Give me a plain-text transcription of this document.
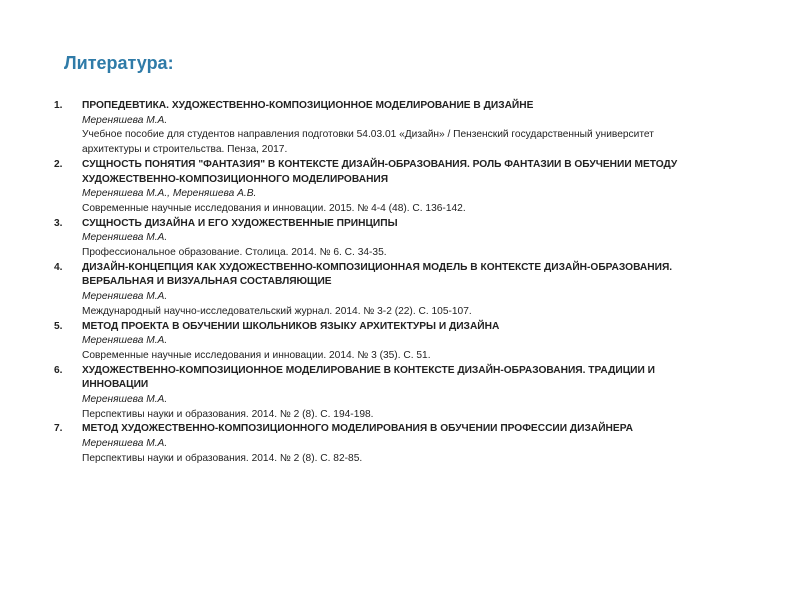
Литература:
1. ПРОПЕДЕВТИКА. ХУДОЖЕСТВЕННО-КОМПОЗИЦИОННОЕ МОДЕЛИРОВАНИЕ В ДИЗАЙНЕ
Мереняшева М.А.
Учебное пособие для студентов направления подготовки 54.03.01 «Дизайн» / Пензенский государственный университет архитектуры и строительства. Пенза, 2017.
2. СУЩНОСТЬ ПОНЯТИЯ "ФАНТАЗИЯ" В КОНТЕКСТЕ ДИЗАЙН-ОБРАЗОВАНИЯ. РОЛЬ ФАНТАЗИИ В ОБУЧЕНИИ МЕТОДУ ХУДОЖЕСТВЕННО-КОМПОЗИЦИОННОГО МОДЕЛИРОВАНИЯ
Мереняшева М.А., Мереняшева А.В.
Современные научные исследования и инновации. 2015. № 4-4 (48). С. 136-142.
3. СУЩНОСТЬ ДИЗАЙНА И ЕГО ХУДОЖЕСТВЕННЫЕ ПРИНЦИПЫ
Мереняшева М.А.
Профессиональное образование. Столица. 2014. № 6. С. 34-35.
4. ДИЗАЙН-КОНЦЕПЦИЯ КАК ХУДОЖЕСТВЕННО-КОМПОЗИЦИОННАЯ МОДЕЛЬ В КОНТЕКСТЕ ДИЗАЙН-ОБРАЗОВАНИЯ. ВЕРБАЛЬНАЯ И ВИЗУАЛЬНАЯ СОСТАВЛЯЮЩИЕ
Мереняшева М.А.
Международный научно-исследовательский журнал. 2014. № 3-2 (22). С. 105-107.
5. МЕТОД ПРОЕКТА В ОБУЧЕНИИ ШКОЛЬНИКОВ ЯЗЫКУ АРХИТЕКТУРЫ И ДИЗАЙНА
Мереняшева М.А.
Современные научные исследования и инновации. 2014. № 3 (35). С. 51.
6. ХУДОЖЕСТВЕННО-КОМПОЗИЦИОННОЕ МОДЕЛИРОВАНИЕ В КОНТЕКСТЕ ДИЗАЙН-ОБРАЗОВАНИЯ. ТРАДИЦИИ И ИННОВАЦИИ
Мереняшева М.А.
Перспективы науки и образования. 2014. № 2 (8). С. 194-198.
7. МЕТОД ХУДОЖЕСТВЕННО-КОМПОЗИЦИОННОГО МОДЕЛИРОВАНИЯ В ОБУЧЕНИИ ПРОФЕССИИ ДИЗАЙНЕРА
Мереняшева М.А.
Перспективы науки и образования. 2014. № 2 (8). С. 82-85.
